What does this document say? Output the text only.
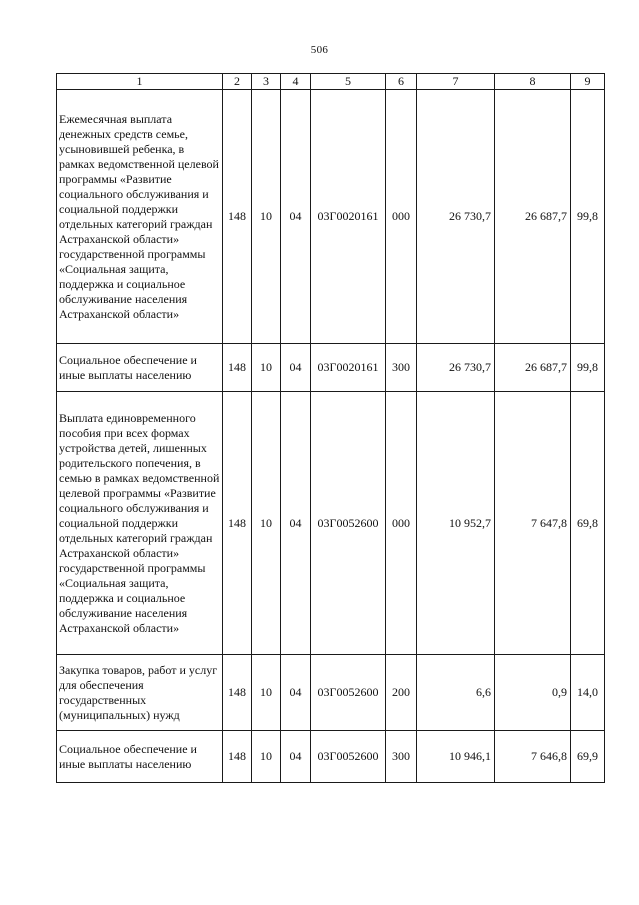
506
1	2	3	4	5	6	7	8	9
Ежемесячная выплата денежных средств семье, усыновившей ребенка, в рамках ведомственной целевой программы «Развитие социального обслуживания и социальной поддержки отдельных категорий граждан Астраханской области» государственной программы «Социальная защита, поддержка и социальное обслуживание населения Астраханской области»	148	10	04	03Г0020161	000	26 730,7	26 687,7	99,8
Социальное обеспечение и иные выплаты населению	148	10	04	03Г0020161	300	26 730,7	26 687,7	99,8
Выплата единовременного пособия при всех формах устройства детей, лишенных родительского попечения, в семью в рамках ведомственной целевой программы «Развитие социального обслуживания и социальной поддержки отдельных категорий граждан Астраханской области» государственной программы «Социальная защита, поддержка и социальное обслуживание населения Астраханской области»	148	10	04	03Г0052600	000	10 952,7	7 647,8	69,8
Закупка товаров, работ и услуг для обеспечения государственных (муниципальных) нужд	148	10	04	03Г0052600	200	6,6	0,9	14,0
Социальное обеспечение и иные выплаты населению	148	10	04	03Г0052600	300	10 946,1	7 646,8	69,9
